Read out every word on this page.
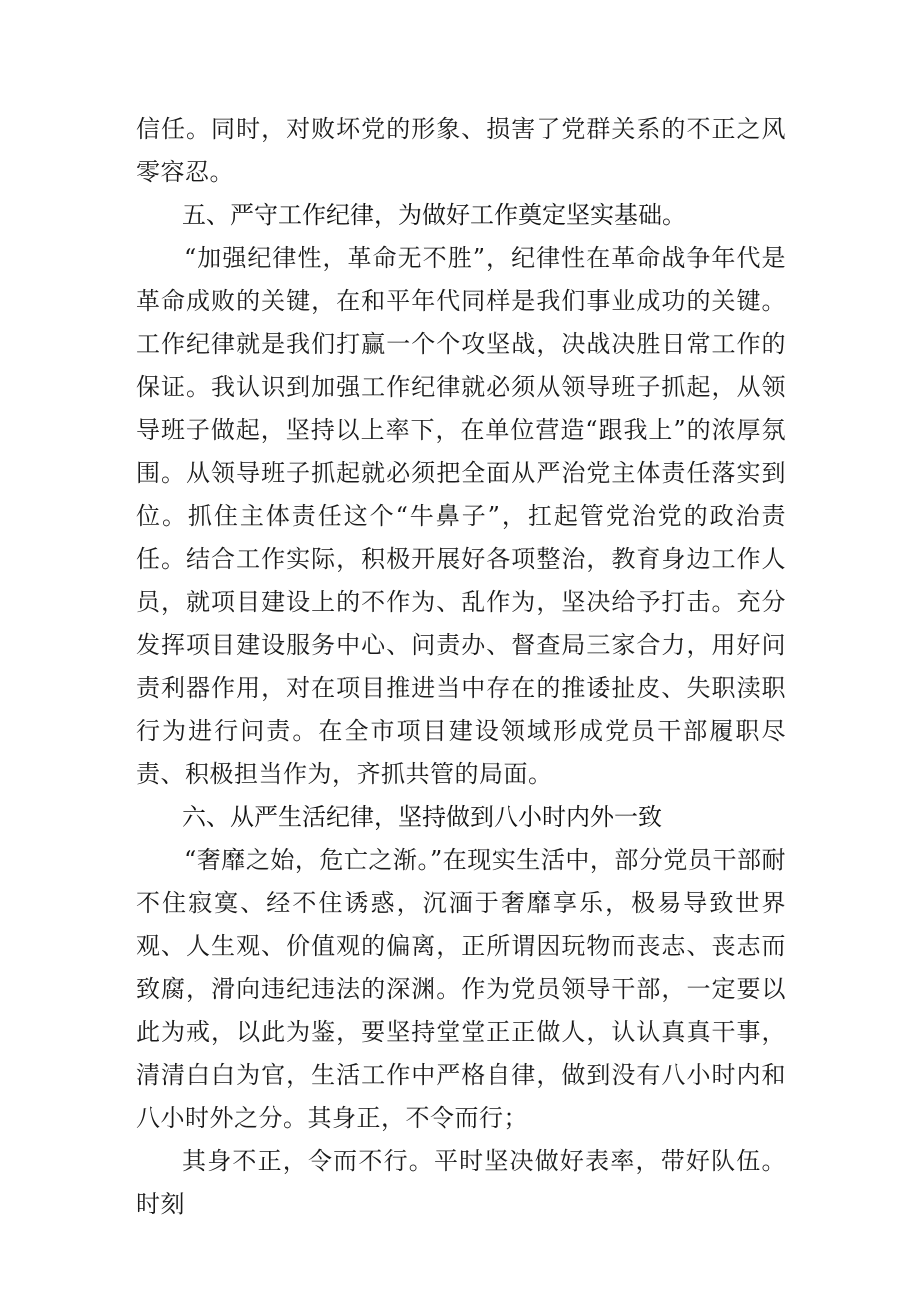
信任。同时，对败坏党的形象、损害了党群关系的不正之风零容忍。

五、严守工作纪律，为做好工作奠定坚实基础。

“加强纪律性，革命无不胜”，纪律性在革命战争年代是革命成败的关键，在和平年代同样是我们事业成功的关键。工作纪律就是我们打赢一个个攻坚战，决战决胜日常工作的保证。我认识到加强工作纪律就必须从领导班子抓起，从领导班子做起，坚持以上率下，在单位营造“跟我上”的浓厚氛围。从领导班子抓起就必须把全面从严治党主体责任落实到位。抓住主体责任这个“牛鼻子”，扛起管党治党的政治责任。结合工作实际，积极开展好各项整治，教育身边工作人员，就项目建设上的不作为、乱作为，坚决给予打击。充分发挥项目建设服务中心、问责办、督查局三家合力，用好问责利器作用，对在项目推进当中存在的推诿扯皮、失职渎职行为进行问责。在全市项目建设领域形成党员干部履职尽责、积极担当作为，齐抓共管的局面。

六、从严生活纪律，坚持做到八小时内外一致

“奢靡之始，危亡之渐。”在现实生活中，部分党员干部耐不住寂寞、经不住诱惑，沉湎于奢靡享乐，极易导致世界观、人生观、价值观的偏离，正所谓因玩物而丧志、丧志而致腐，滑向违纪违法的深渊。作为党员领导干部，一定要以此为戒，以此为鉴，要坚持堂堂正正做人，认认真真干事，清清白白为官，生活工作中严格自律，做到没有八小时内和八小时外之分。其身正，不令而行；

其身不正，令而不行。平时坚决做好表率，带好队伍。时刻
